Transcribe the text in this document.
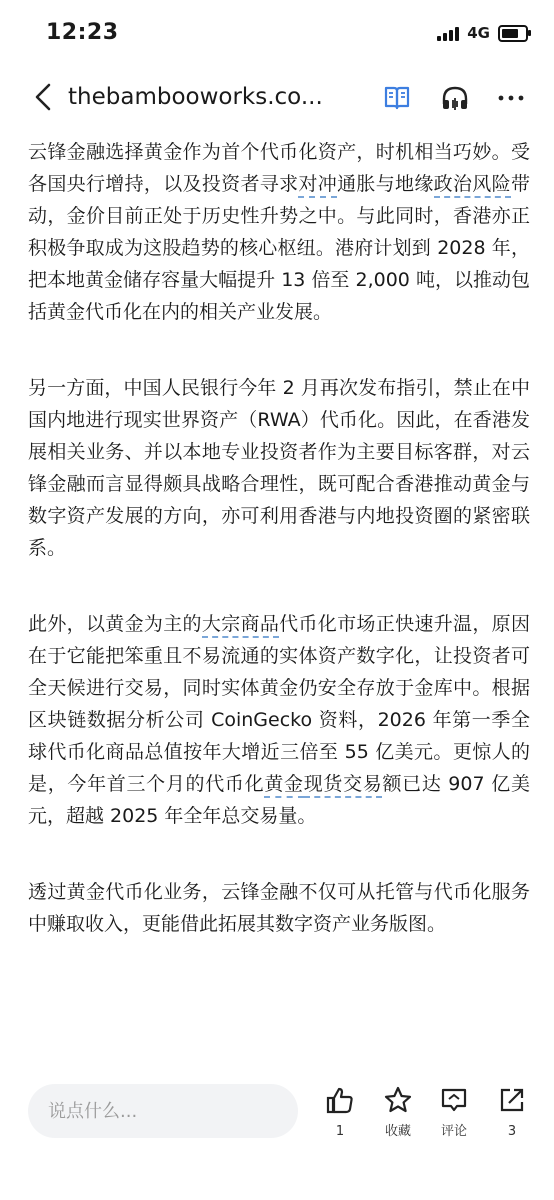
12:23	4G
thebambooworks.co...

云锋金融选择黄金作为首个代币化资产，时机相当巧妙。受各国央行增持，以及投资者寻求对冲通胀与地缘政治风险带动，金价目前正处于历史性升势之中。与此同时，香港亦正积极争取成为这股趋势的核心枢纽。港府计划到 2028 年，把本地黄金储存容量大幅提升 13 倍至 2,000 吨，以推动包括黄金代币化在内的相关产业发展。

另一方面，中国人民银行今年 2 月再次发布指引，禁止在中国内地进行现实世界资产（RWA）代币化。因此，在香港发展相关业务、并以本地专业投资者作为主要目标客群，对云锋金融而言显得颇具战略合理性，既可配合香港推动黄金与数字资产发展的方向，亦可利用香港与内地投资圈的紧密联系。

此外，以黄金为主的大宗商品代币化市场正快速升温，原因在于它能把笨重且不易流通的实体资产数字化，让投资者可全天候进行交易，同时实体黄金仍安全存放于金库中。根据区块链数据分析公司 CoinGecko 资料，2026 年第一季全球代币化商品总值按年大增近三倍至 55 亿美元。更惊人的是，今年首三个月的代币化黄金现货交易额已达 907 亿美元，超越 2025 年全年总交易量。

透过黄金代币化业务，云锋金融不仅可从托管与代币化服务中赚取收入，更能借此拓展其数字资产业务版图。

说点什么...
1	收藏 评论	3
